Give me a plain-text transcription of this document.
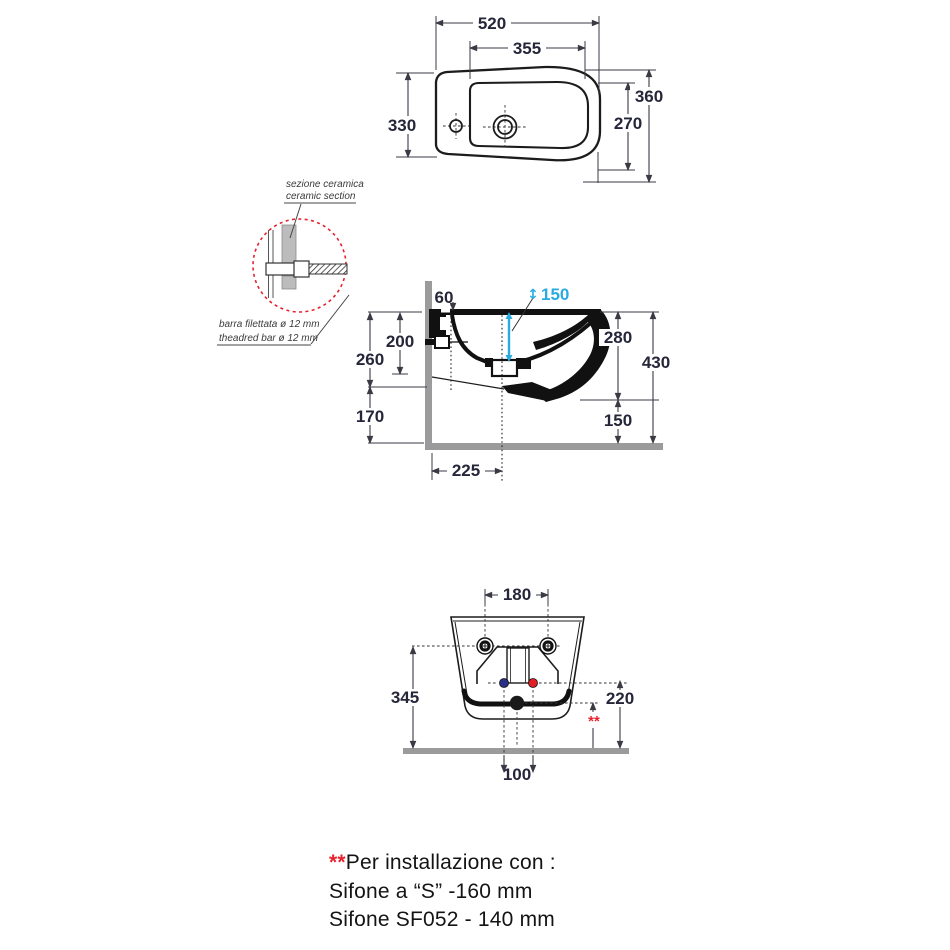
520
355
330
360
270
sezione ceramica
ceramic section
barra filettata ø 12 mm
theadred bar ø 12 mm
60	↕ 150
200
260
170
280
150
430
225
180
345	220
**
100
**Per installazione con :
Sifone a “S” -160 mm
Sifone SF052 - 140 mm
